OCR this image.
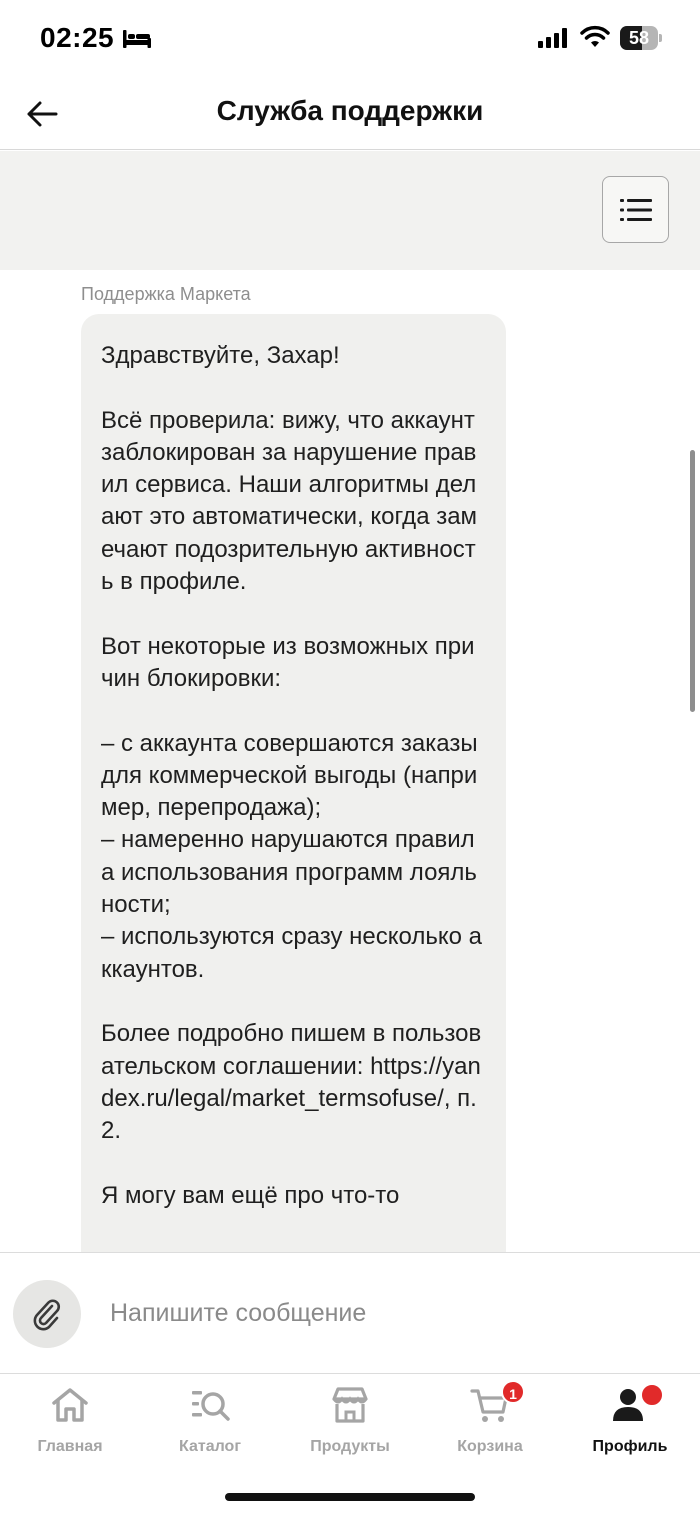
02:25	58
Служба поддержки
Поддержка Маркета
Здравствуйте, Захар!

Всё проверила: вижу, что аккаунт заблокирован за нарушение правил сервиса. Наши алгоритмы делают это автоматически, когда замечают подозрительную активность в профиле.

Вот некоторые из возможных причин блокировки:

– с аккаунта совершаются заказы для коммерческой выгоды (например, перепродажа);
– намеренно нарушаются правила использования программ лояльности;
– используются сразу несколько аккаунтов.

Более подробно пишем в пользовательском соглашении: https://yandex.ru/legal/market_termsofuse/, п. 2.

Я могу вам ещё про что-то
Напишите сообщение
Главная	Каталог	Продукты
1
Корзина	Профиль
